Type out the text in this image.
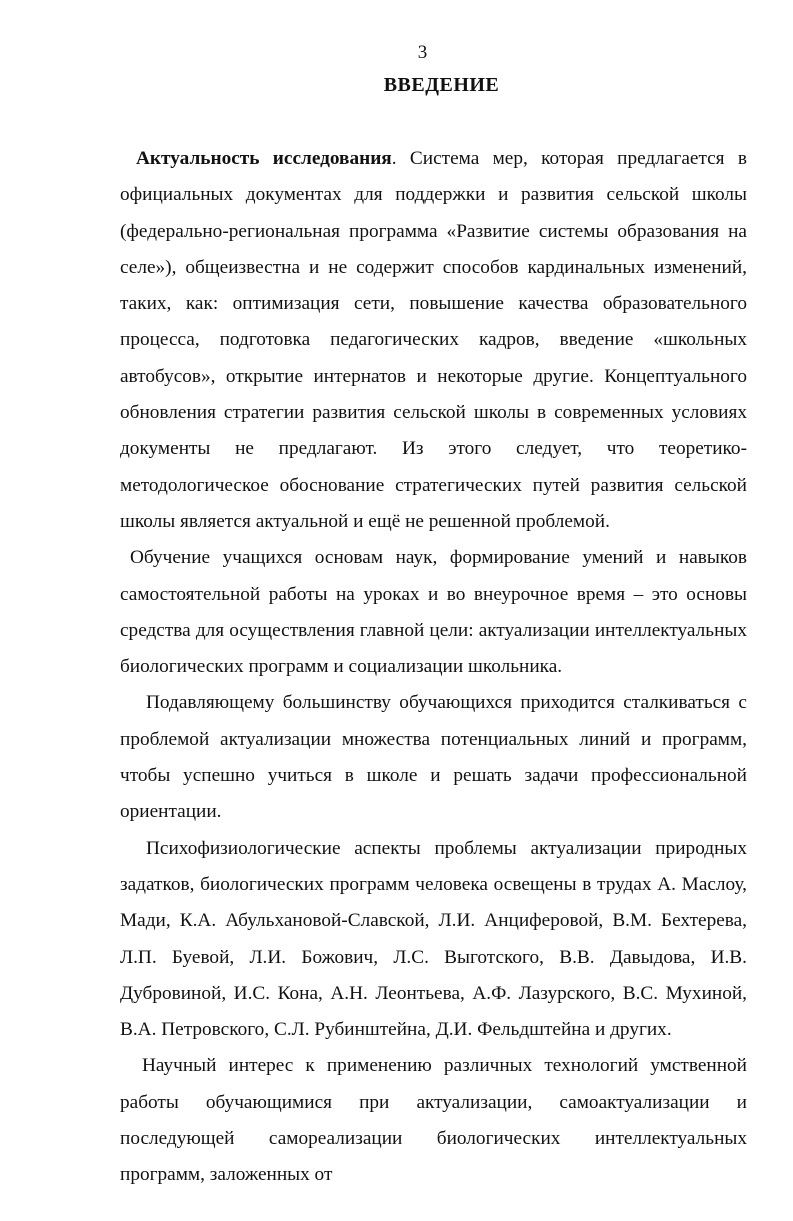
3
ВВЕДЕНИЕ

Актуальность исследования. Система мер, которая предлагается в официальных документах для поддержки и развития сельской школы (федерально-региональная программа «Развитие системы образования на селе»), общеизвестна и не содержит способов кардинальных изменений, таких, как: оптимизация сети, повышение качества образовательного процесса, подготовка педагогических кадров, введение «школьных автобусов», открытие интернатов и некоторые другие. Концептуального обновления стратегии развития сельской школы в современных условиях документы не предлагают. Из этого следует, что теоретико-методологическое обоснование стратегических путей развития сельской школы является актуальной и ещё не решенной проблемой.

Обучение учащихся основам наук, формирование умений и навыков самостоятельной работы на уроках и во внеурочное время – это основы средства для осуществления главной цели: актуализации интеллектуальных биологических программ и социализации школьника.

Подавляющему большинству обучающихся приходится сталкиваться с проблемой актуализации множества потенциальных линий и программ, чтобы успешно учиться в школе и решать задачи профессиональной ориентации.

Психофизиологические аспекты проблемы актуализации природных задатков, биологических программ человека освещены в трудах А. Маслоу, Мади, К.А. Абульхановой-Славской, Л.И. Анциферовой, В.М. Бехтерева, Л.П. Буевой, Л.И. Божович, Л.С. Выготского, В.В. Давыдова, И.В. Дубровиной, И.С. Кона, А.Н. Леонтьева, А.Ф. Лазурского, В.С. Мухиной, В.А. Петровского, С.Л. Рубинштейна, Д.И. Фельдштейна и других.

Научный интерес к применению различных технологий умственной работы обучающимися при актуализации, самоактуализации и последующей самореализации биологических интеллектуальных программ, заложенных от
